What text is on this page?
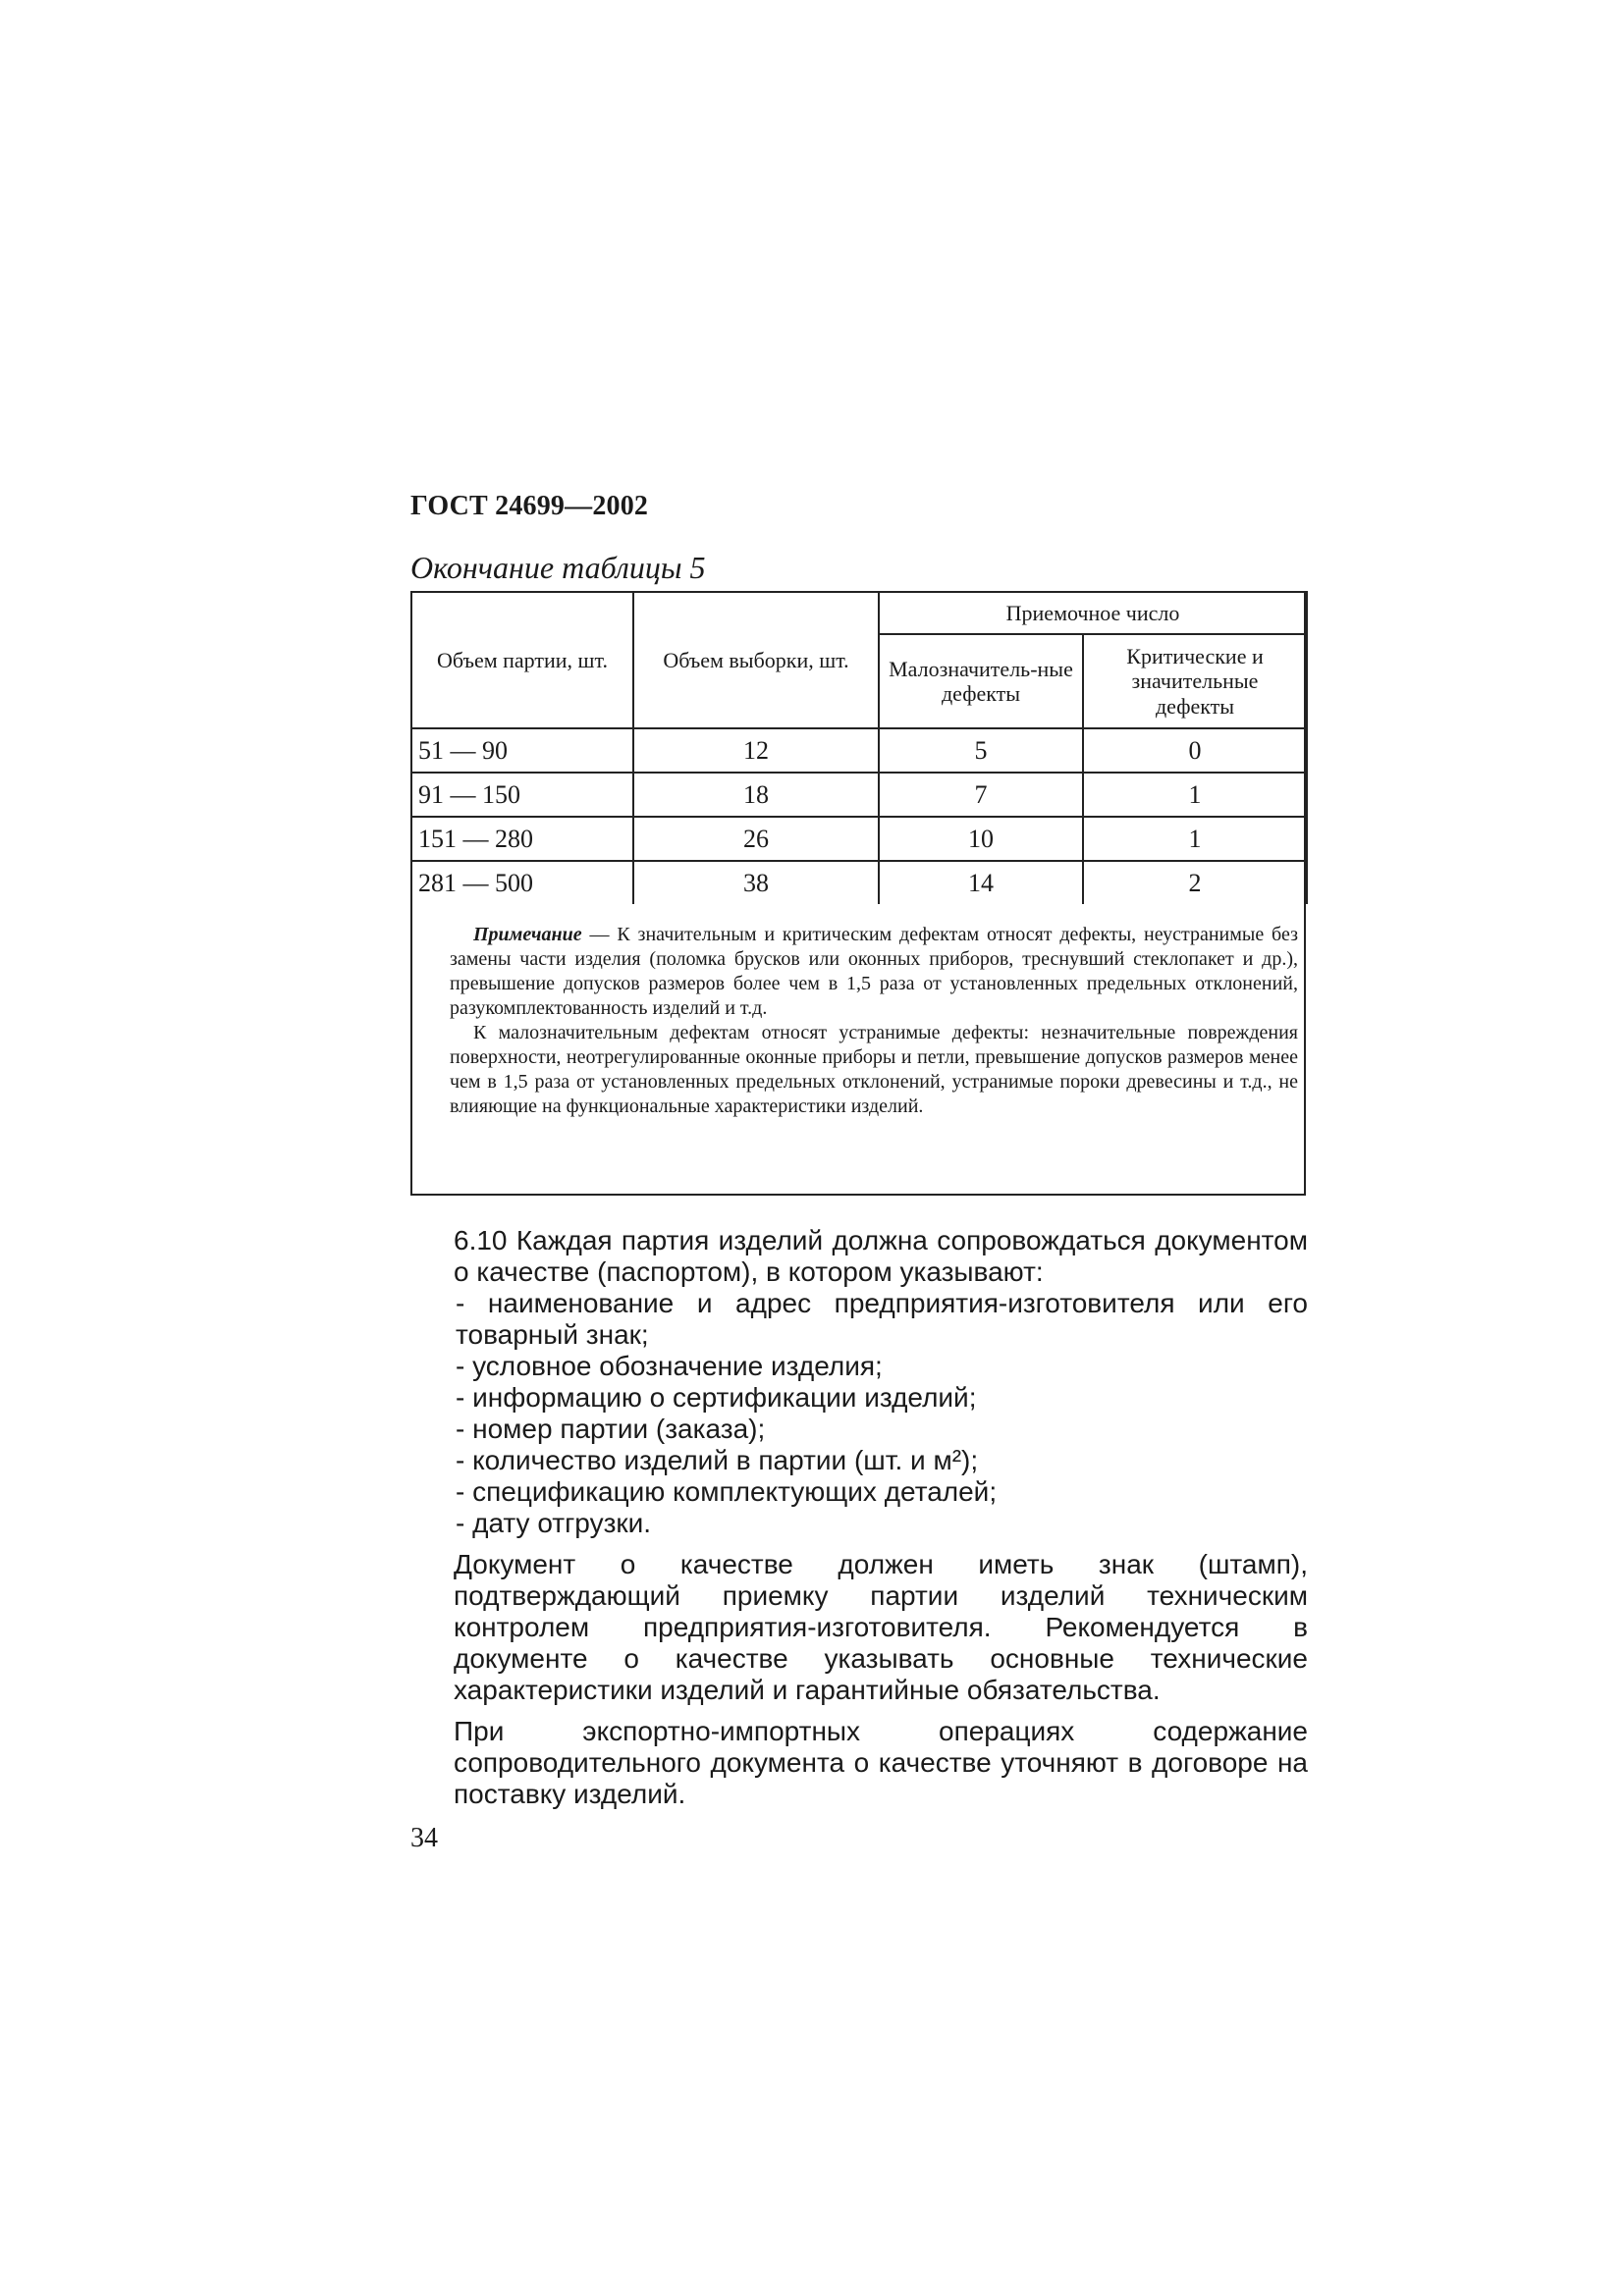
ГОСТ 24699—2002
Окончание таблицы 5
Объем партии, шт.	Объем выборки, шт.	Приемочное число	
		Малозначитель-ные дефекты	Критические и значительные дефекты
51 — 90	12	5	0
91 — 150	18	7	1
151 — 280	26	10	1
281 — 500	38	14	2

Примечание — К значительным и критическим дефектам относят дефекты, неустранимые без замены части изделия (поломка брусков или оконных приборов, треснувший стеклопакет и др.), превышение допусков размеров более чем в 1,5 раза от установленных предельных отклонений, разукомплектованность изделий и т.д.

К малозначительным дефектам относят устранимые дефекты: незначительные повреждения поверхности, неотрегулированные оконные приборы и петли, превышение допусков размеров менее чем в 1,5 раза от установленных предельных отклонений, устранимые пороки древесины и т.д., не влияющие на функциональные характеристики изделий.

6.10 Каждая партия изделий должна сопровождаться документом о качестве (паспортом), в котором указывают:

- наименование и адрес предприятия-изготовителя или его товарный знак;

- условное обозначение изделия;

- информацию о сертификации изделий;

- номер партии (заказа);

- количество изделий в партии (шт. и м²);

- спецификацию комплектующих деталей;

- дату отгрузки.

Документ о качестве должен иметь знак (штамп), подтверждающий приемку партии изделий техническим контролем предприятия-изготовителя. Рекомендуется в документе о качестве указывать основные технические характеристики изделий и гарантийные обязательства.

При экспортно-импортных операциях содержание сопроводительного документа о качестве уточняют в договоре на поставку изделий.

34
